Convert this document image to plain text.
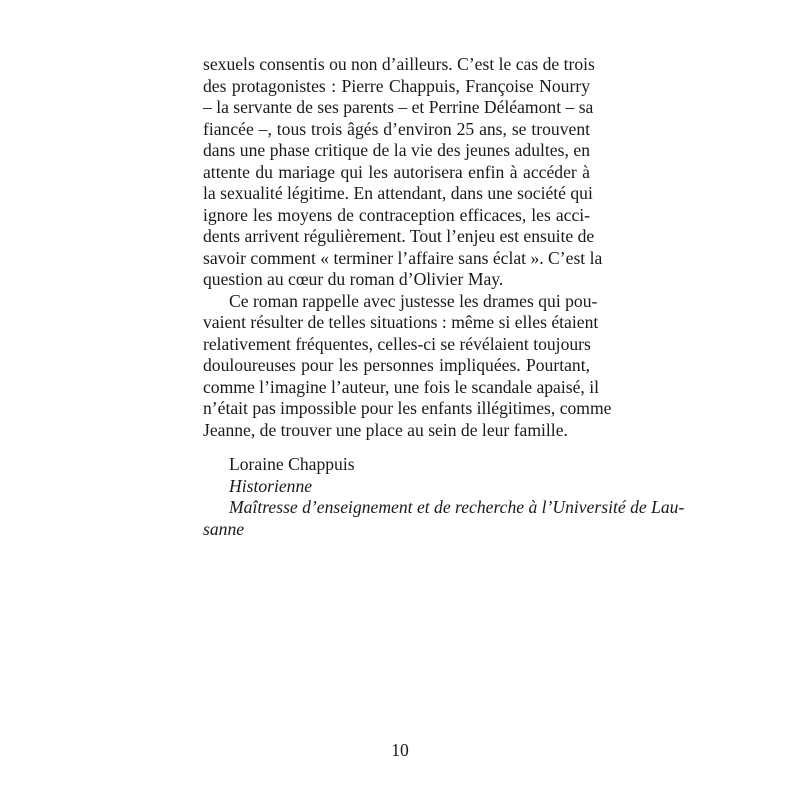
sexuels consentis ou non d’ailleurs. C’est le cas de trois
des protagonistes : Pierre Chappuis, Françoise Nourry
– la servante de ses parents – et Perrine Déléamont – sa
fiancée –, tous trois âgés d’environ 25 ans, se trouvent
dans une phase critique de la vie des jeunes adultes, en
attente du mariage qui les autorisera enfin à accéder à
la sexualité légitime. En attendant, dans une société qui
ignore les moyens de contraception efficaces, les acci-
dents arrivent régulièrement. Tout l’enjeu est ensuite de
savoir comment « terminer l’affaire sans éclat ». C’est la
question au cœur du roman d’Olivier May.
Ce roman rappelle avec justesse les drames qui pou-
vaient résulter de telles situations : même si elles étaient
relativement fréquentes, celles-ci se révélaient toujours
douloureuses pour les personnes impliquées. Pourtant,
comme l’imagine l’auteur, une fois le scandale apaisé, il
n’était pas impossible pour les enfants illégitimes, comme
Jeanne, de trouver une place au sein de leur famille.
Loraine Chappuis
Historienne
Maîtresse d’enseignement et de recherche à l’Université de Lau-
sanne
10
